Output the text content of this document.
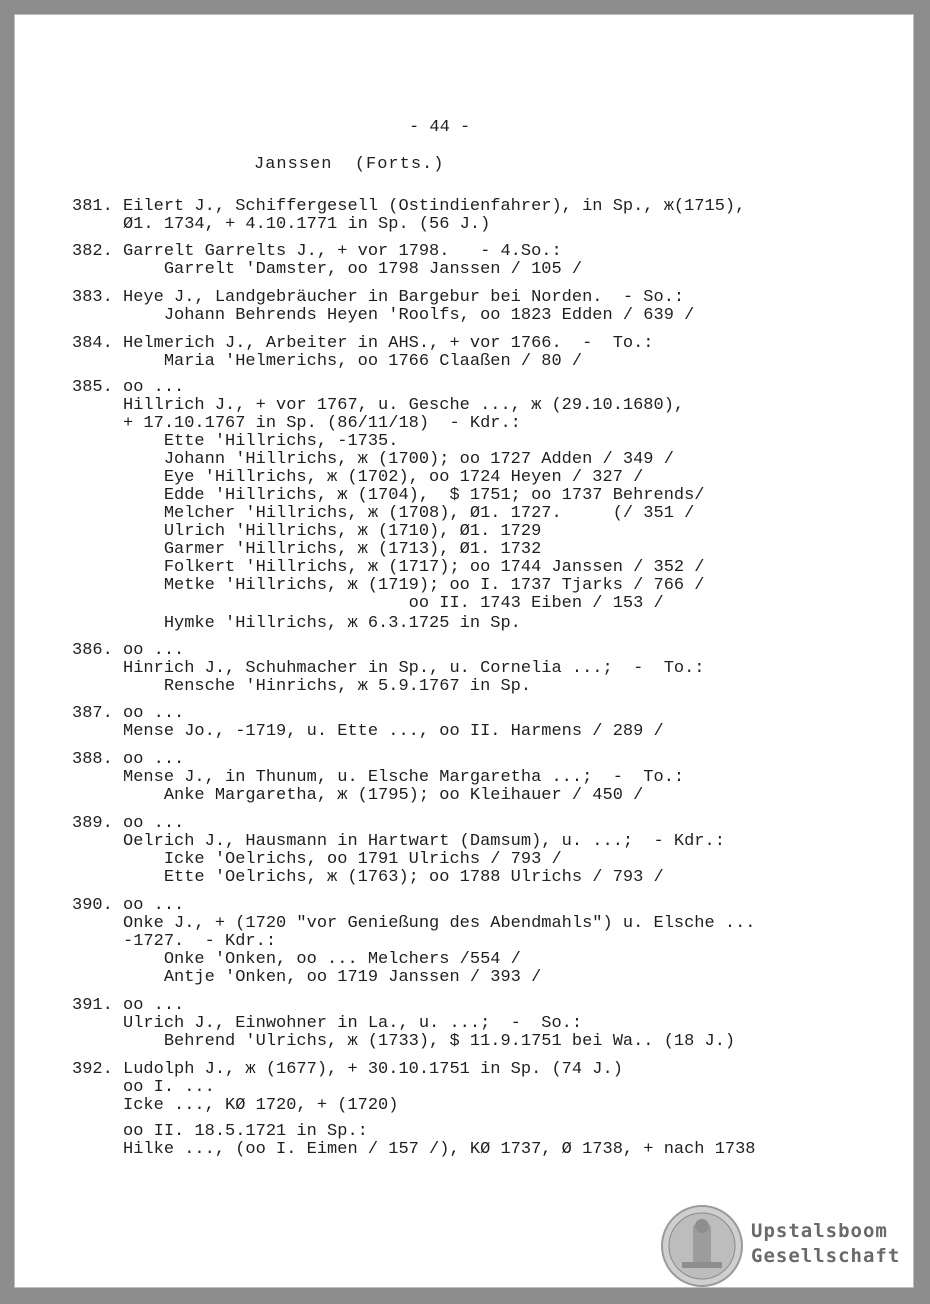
- 44 -
Janssen  (Forts.)
381. Eilert J., Schiffergesell (Ostindienfahrer), in Sp., ж(1715),
Ø1. 1734, + 4.10.1771 in Sp. (56 J.)
382. Garrelt Garrelts J., + vor 1798.   - 4.So.:
Garrelt 'Damster, oo 1798 Janssen / 105 /
383. Heye J., Landgebräucher in Bargebur bei Norden.  - So.:
Johann Behrends Heyen 'Roolfs, oo 1823 Edden / 639 /
384. Helmerich J., Arbeiter in AHS., + vor 1766.  -  To.:
Maria 'Helmerichs, oo 1766 Claaßen / 80 /
385. oo ...
Hillrich J., + vor 1767, u. Gesche ..., ж (29.10.1680),
+ 17.10.1767 in Sp. (86/11/18)  - Kdr.:
Ette 'Hillrichs, -1735.
Johann 'Hillrichs, ж (1700); oo 1727 Adden / 349 /
Eye 'Hillrichs, ж (1702), oo 1724 Heyen / 327 /
Edde 'Hillrichs, ж (1704),  $ 1751; oo 1737 Behrends/
Melcher 'Hillrichs, ж (1708), Ø1. 1727.     (/ 351 /
Ulrich 'Hillrichs, ж (1710), Ø1. 1729
Garmer 'Hillrichs, ж (1713), Ø1. 1732
Folkert 'Hillrichs, ж (1717); oo 1744 Janssen / 352 /
Metke 'Hillrichs, ж (1719); oo I. 1737 Tjarks / 766 /
oo II. 1743 Eiben / 153 /
Hymke 'Hillrichs, ж 6.3.1725 in Sp.
386. oo ...
Hinrich J., Schuhmacher in Sp., u. Cornelia ...;  -  To.:
Rensche 'Hinrichs, ж 5.9.1767 in Sp.
387. oo ...
Mense Jo., -1719, u. Ette ..., oo II. Harmens / 289 /
388. oo ...
Mense J., in Thunum, u. Elsche Margaretha ...;  -  To.:
Anke Margaretha, ж (1795); oo Kleihauer / 450 /
389. oo ...
Oelrich J., Hausmann in Hartwart (Damsum), u. ...;  - Kdr.:
Icke 'Oelrichs, oo 1791 Ulrichs / 793 /
Ette 'Oelrichs, ж (1763); oo 1788 Ulrichs / 793 /
390. oo ...
Onke J., + (1720 "vor Genießung des Abendmahls") u. Elsche ...
-1727.  - Kdr.:
Onke 'Onken, oo ... Melchers /554 /
Antje 'Onken, oo 1719 Janssen / 393 /
391. oo ...
Ulrich J., Einwohner in La., u. ...;  -  So.:
Behrend 'Ulrichs, ж (1733), $ 11.9.1751 bei Wa.. (18 J.)
392. Ludolph J., ж (1677), + 30.10.1751 in Sp. (74 J.)
oo I. ...
Icke ..., KØ 1720, + (1720)
oo II. 18.5.1721 in Sp.:
Hilke ..., (oo I. Eimen / 157 /), KØ 1737, Ø 1738, + nach 1738
Upstalsboom
Gesellschaft
